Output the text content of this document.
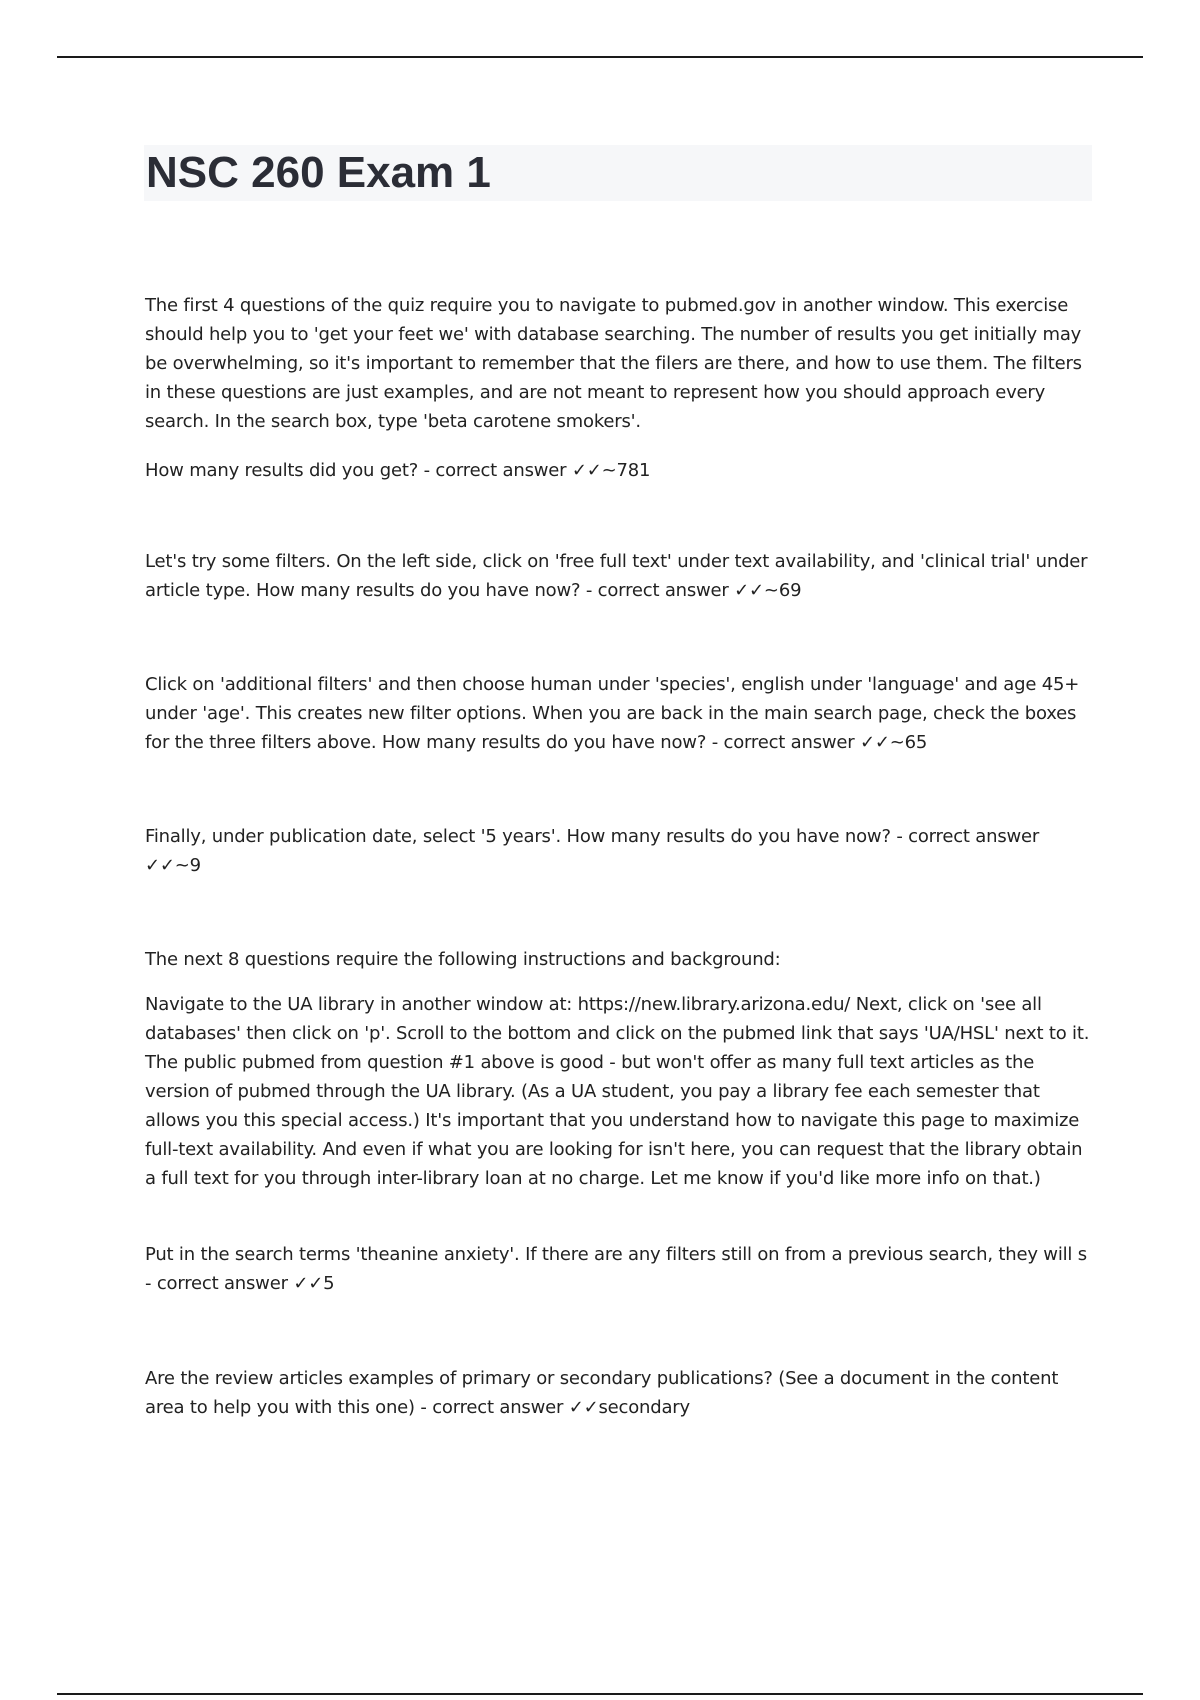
NSC 260 Exam 1

The first 4 questions of the quiz require you to navigate to pubmed.gov in another window. This exercise should help you to 'get your feet we' with database searching. The number of results you get initially may be overwhelming, so it's important to remember that the filers are there, and how to use them. The filters in these questions are just examples, and are not meant to represent how you should approach every search. In the search box, type 'beta carotene smokers'.

How many results did you get? - correct answer ✓✓~781

Let's try some filters. On the left side, click on 'free full text' under text availability, and 'clinical trial' under article type. How many results do you have now? - correct answer ✓✓~69

Click on 'additional filters' and then choose human under 'species', english under 'language' and age 45+ under 'age'. This creates new filter options. When you are back in the main search page, check the boxes for the three filters above. How many results do you have now? - correct answer ✓✓~65

Finally, under publication date, select '5 years'. How many results do you have now? - correct answer ✓✓~9

The next 8 questions require the following instructions and background:

Navigate to the UA library in another window at: https://new.library.arizona.edu/ Next, click on 'see all databases' then click on 'p'. Scroll to the bottom and click on the pubmed link that says 'UA/HSL' next to it. The public pubmed from question #1 above is good - but won't offer as many full text articles as the version of pubmed through the UA library. (As a UA student, you pay a library fee each semester that allows you this special access.) It's important that you understand how to navigate this page to maximize full-text availability. And even if what you are looking for isn't here, you can request that the library obtain a full text for you through inter-library loan at no charge. Let me know if you'd like more info on that.)

Put in the search terms 'theanine anxiety'. If there are any filters still on from a previous search, they will s - correct answer ✓✓5

Are the review articles examples of primary or secondary publications? (See a document in the content area to help you with this one) - correct answer ✓✓secondary
